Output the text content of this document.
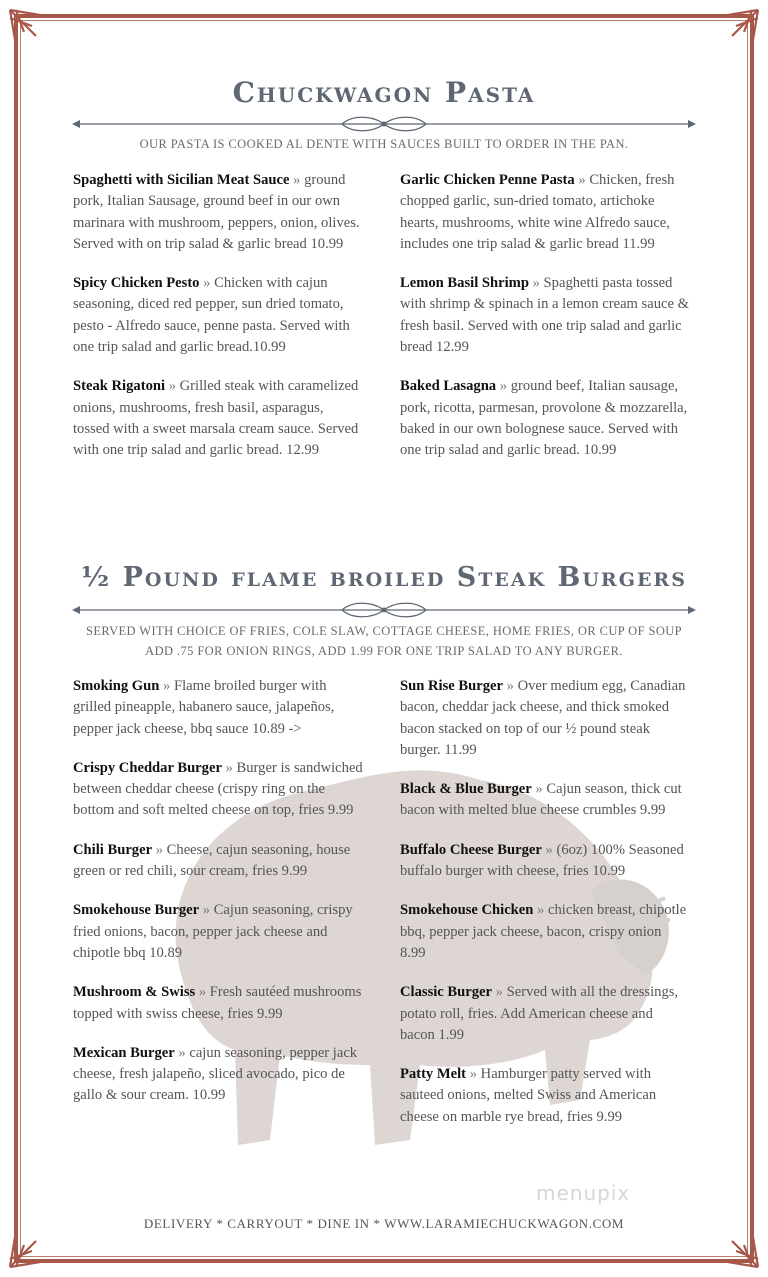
Chuckwagon Pasta
OUR PASTA IS COOKED AL DENTE WITH SAUCES BUILT TO ORDER IN THE PAN.

Spaghetti with Sicilian Meat Sauce » ground pork, Italian Sausage, ground beef in our own marinara with mushroom, peppers, onion, olives. Served with on trip salad & garlic bread 10.99

Spicy Chicken Pesto » Chicken with cajun seasoning, diced red pepper, sun dried tomato, pesto - Alfredo sauce, penne pasta. Served with one trip salad and garlic bread.10.99

Steak Rigatoni » Grilled steak with caramelized onions, mushrooms, fresh basil, asparagus, tossed with a sweet marsala cream sauce. Served with one trip salad and garlic bread. 12.99

Garlic Chicken Penne Pasta » Chicken, fresh chopped garlic, sun-dried tomato, artichoke hearts, mushrooms, white wine Alfredo sauce, includes one trip salad & garlic bread 11.99

Lemon Basil Shrimp » Spaghetti pasta tossed with shrimp & spinach in a lemon cream sauce & fresh basil. Served with one trip salad and garlic bread 12.99

Baked Lasagna » ground beef, Italian sausage, pork, ricotta, parmesan, provolone & mozzarella, baked in our own bolognese sauce. Served with one trip salad and garlic bread. 10.99

½ Pound flame broiled Steak Burgers
SERVED WITH CHOICE OF FRIES, COLE SLAW, COTTAGE CHEESE, HOME FRIES, OR CUP OF SOUP
ADD .75 FOR ONION RINGS, ADD 1.99 FOR ONE TRIP SALAD TO ANY BURGER.

Smoking Gun » Flame broiled burger with grilled pineapple, habanero sauce, jalapeños, pepper jack cheese, bbq sauce 10.89 ->

Crispy Cheddar Burger » Burger is sandwiched between cheddar cheese (crispy ring on the bottom and soft melted cheese on top, fries 9.99

Chili Burger » Cheese, cajun seasoning, house green or red chili, sour cream, fries 9.99

Smokehouse Burger » Cajun seasoning, crispy fried onions, bacon, pepper jack cheese and chipotle bbq 10.89

Mushroom & Swiss » Fresh sautéed mushrooms topped with swiss cheese, fries 9.99

Mexican Burger » cajun seasoning, pepper jack cheese, fresh jalapeño, sliced avocado, pico de gallo & sour cream. 10.99

Sun Rise Burger » Over medium egg, Canadian bacon, cheddar jack cheese, and thick smoked bacon stacked on top of our ½ pound steak burger. 11.99

Black & Blue Burger » Cajun season, thick cut bacon with melted blue cheese crumbles 9.99

Buffalo Cheese Burger » (6oz) 100% Seasoned buffalo burger with cheese, fries 10.99

Smokehouse Chicken » chicken breast, chipotle bbq, pepper jack cheese, bacon, crispy onion 8.99

Classic Burger » Served with all the dressings, potato roll, fries. Add American cheese and bacon 1.99

Patty Melt » Hamburger patty served with sauteed onions, melted Swiss and American cheese on marble rye bread, fries 9.99

menupix
DELIVERY * CARRYOUT * DINE IN * WWW.LARAMIECHUCKWAGON.COM
